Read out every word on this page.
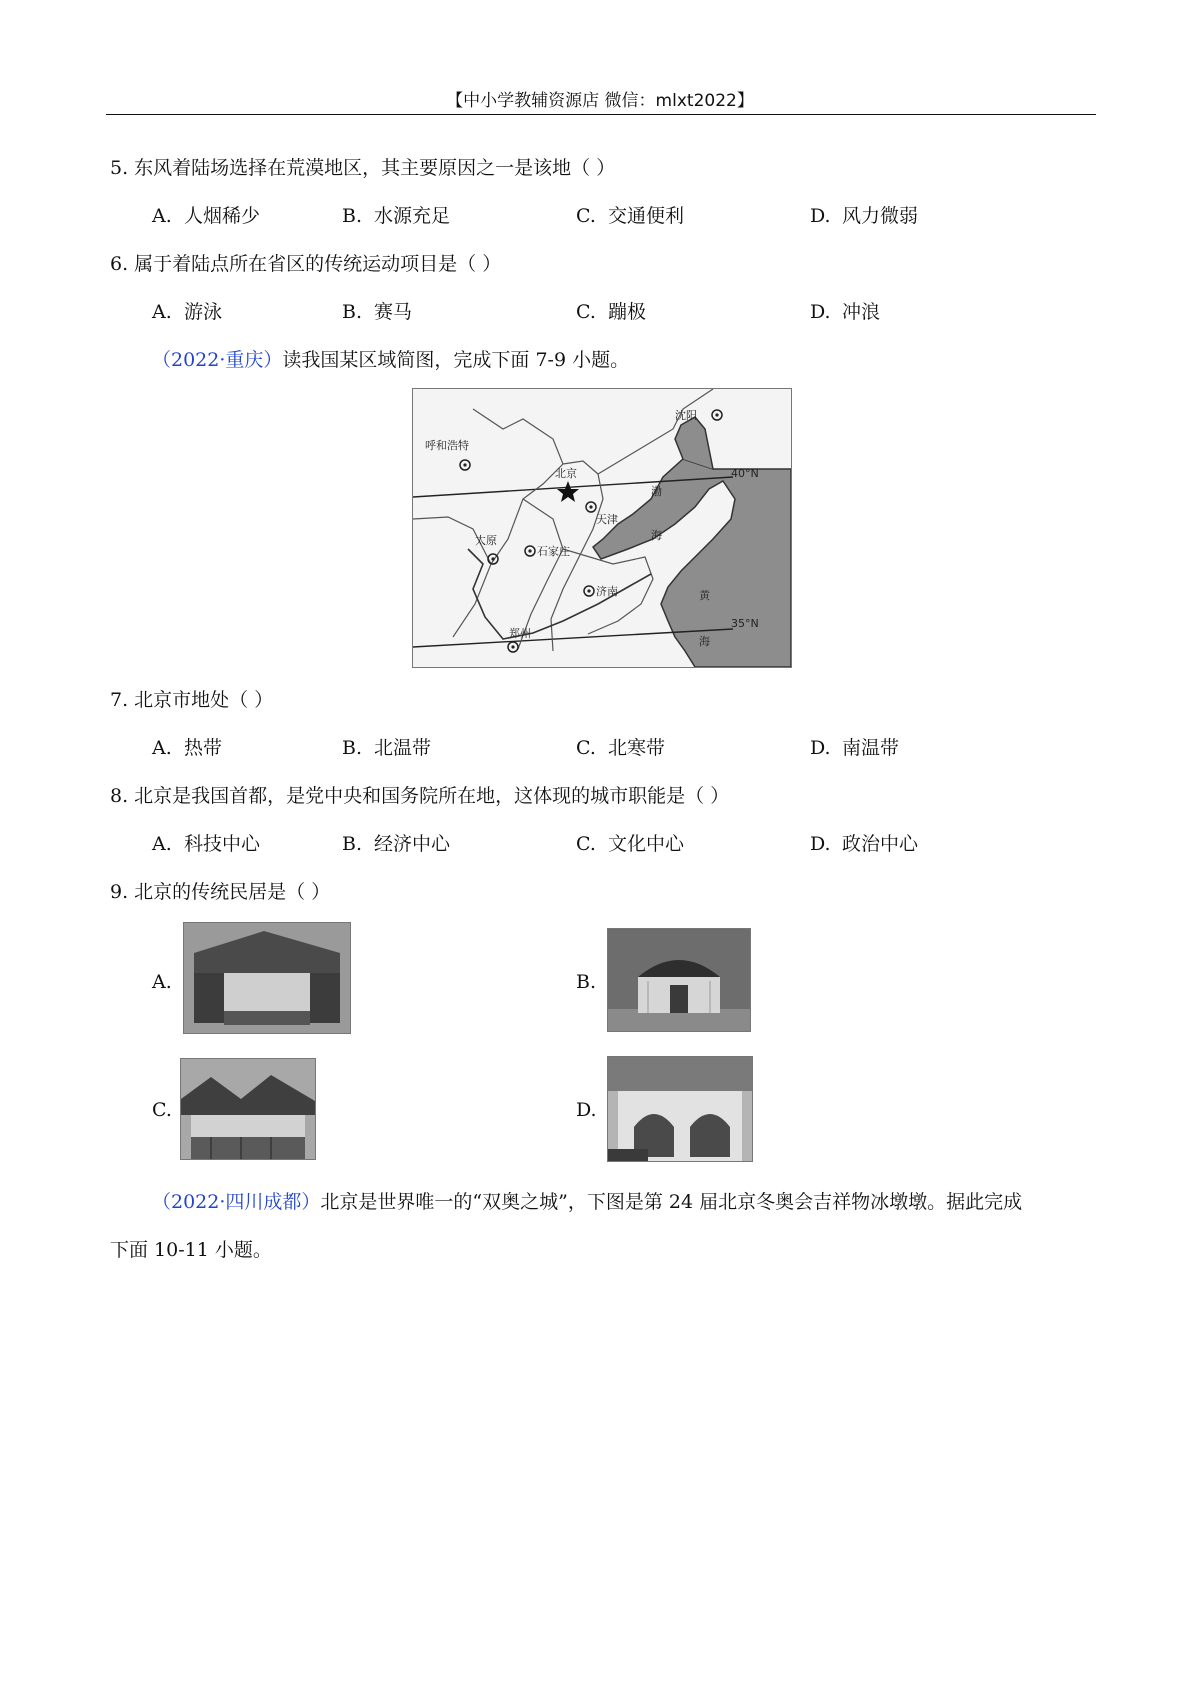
【中小学教辅资源店 微信：mlxt2022】
5. 东风着陆场选择在荒漠地区，其主要原因之一是该地（ ）
A. 人烟稀少	B. 水源充足	C. 交通便利	D. 风力微弱
6. 属于着陆点所在省区的传统运动项目是（ ）
A. 游泳	B. 赛马	C. 蹦极	D. 冲浪
（2022·重庆）读我国某区域简图，完成下面 7-9 小题。
沈阳
呼和浩特
北京
天津
太原
石家庄
济南
郑州
渤
海
黄
海
40°N
35°N
7. 北京市地处（ ）
A. 热带	B. 北温带	C. 北寒带	D. 南温带
8. 北京是我国首都，是党中央和国务院所在地，这体现的城市职能是（ ）
A. 科技中心	B. 经济中心	C. 文化中心	D. 政治中心
9. 北京的传统民居是（ ）
A.	B.
C.	D.
（2022·四川成都）北京是世界唯一的“双奥之城”，下图是第 24 届北京冬奥会吉祥物冰墩墩。据此完成
下面 10-11 小题。
